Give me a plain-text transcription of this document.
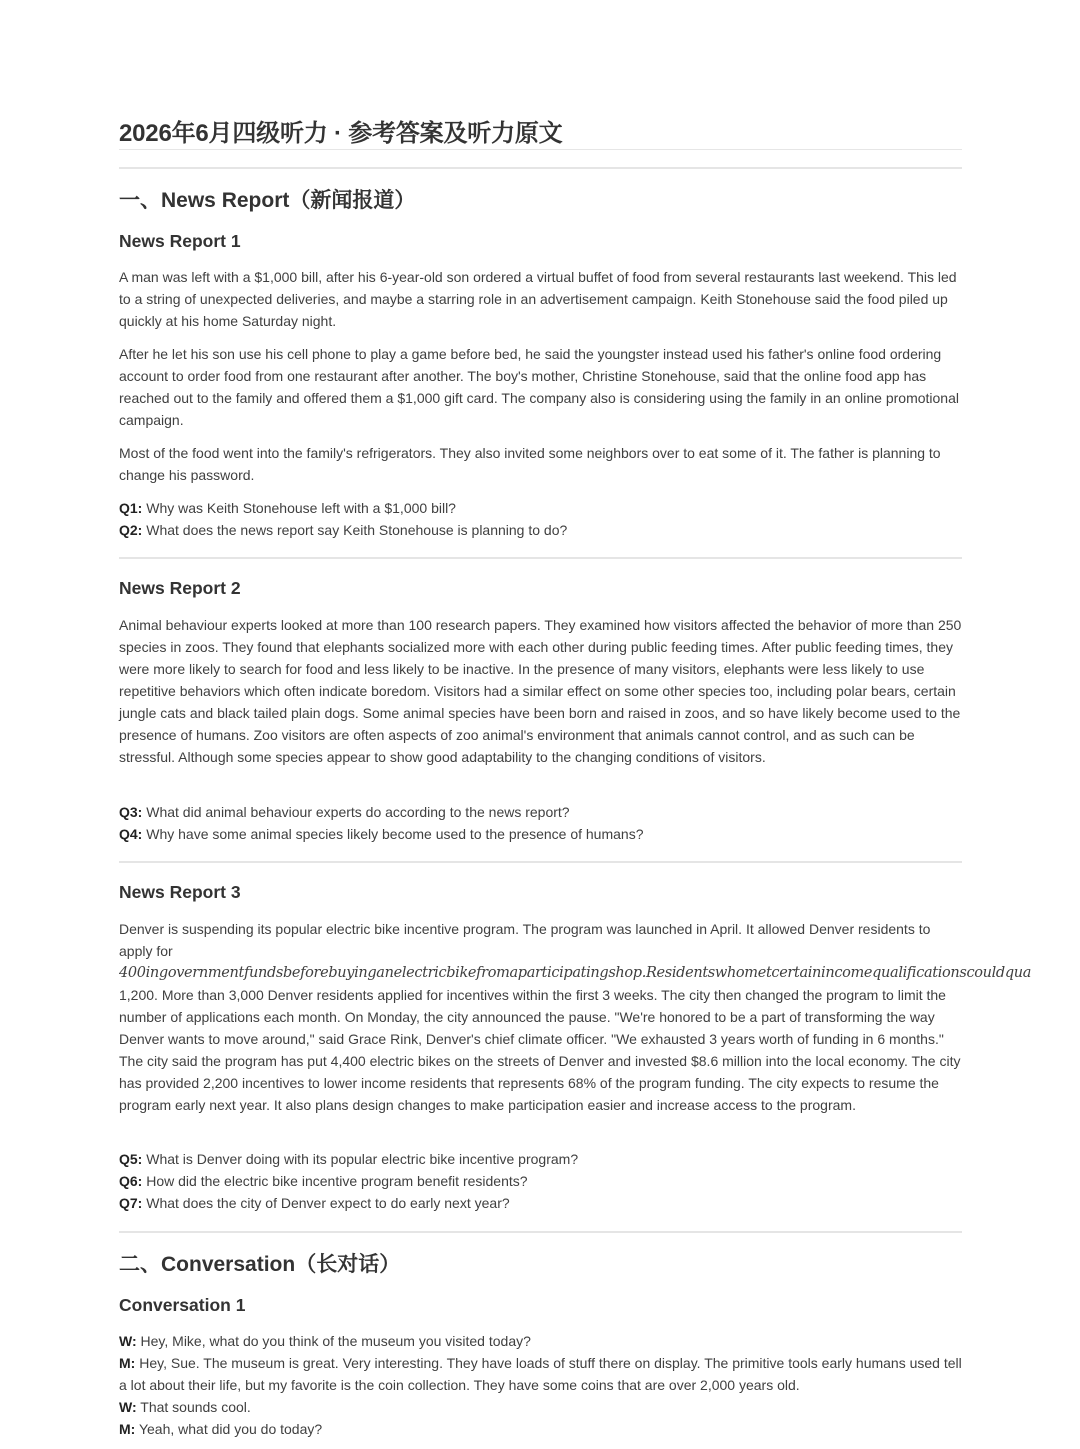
2026年6月四级听力 · 参考答案及听力原文
一、News Report（新闻报道）
News Report 1

A man was left with a $1,000 bill, after his 6-year-old son ordered a virtual buffet of food from several restaurants last weekend. This led to a string of unexpected deliveries, and maybe a starring role in an advertisement campaign. Keith Stonehouse said the food piled up quickly at his home Saturday night.

After he let his son use his cell phone to play a game before bed, he said the youngster instead used his father's online food ordering account to order food from one restaurant after another. The boy's mother, Christine Stonehouse, said that the online food app has reached out to the family and offered them a $1,000 gift card. The company also is considering using the family in an online promotional campaign.

Most of the food went into the family's refrigerators. They also invited some neighbors over to eat some of it. The father is planning to change his password.

Q1: Why was Keith Stonehouse left with a $1,000 bill?
Q2: What does the news report say Keith Stonehouse is planning to do?
News Report 2

Animal behaviour experts looked at more than 100 research papers. They examined how visitors affected the behavior of more than 250 species in zoos. They found that elephants socialized more with each other during public feeding times. After public feeding times, they were more likely to search for food and less likely to be inactive. In the presence of many visitors, elephants were less likely to use repetitive behaviors which often indicate boredom. Visitors had a similar effect on some other species too, including polar bears, certain jungle cats and black tailed plain dogs. Some animal species have been born and raised in zoos, and so have likely become used to the presence of humans. Zoo visitors are often aspects of zoo animal's environment that animals cannot control, and as such can be stressful. Although some species appear to show good adaptability to the changing conditions of visitors.

Q3: What did animal behaviour experts do according to the news report?
Q4: Why have some animal species likely become used to the presence of humans?
News Report 3
Denver is suspending its popular electric bike incentive program. The program was launched in April. It allowed Denver residents to apply for
400ingovernmentfundsbeforebuyinganelectricbikefromaparticipatingshop.Residentswhometcertainincomequalificationscouldqua
1,200. More than 3,000 Denver residents applied for incentives within the first 3 weeks. The city then changed the program to limit the number of applications each month. On Monday, the city announced the pause. "We're honored to be a part of transforming the way Denver wants to move around," said Grace Rink, Denver's chief climate officer. "We exhausted 3 years worth of funding in 6 months." The city said the program has put 4,400 electric bikes on the streets of Denver and invested $8.6 million into the local economy. The city has provided 2,200 incentives to lower income residents that represents 68% of the program funding. The city expects to resume the program early next year. It also plans design changes to make participation easier and increase access to the program.
Q5: What is Denver doing with its popular electric bike incentive program?
Q6: How did the electric bike incentive program benefit residents?
Q7: What does the city of Denver expect to do early next year?
二、Conversation（长对话）
Conversation 1
W: Hey, Mike, what do you think of the museum you visited today?
M: Hey, Sue. The museum is great. Very interesting. They have loads of stuff there on display. The primitive tools early humans used tell a lot about their life, but my favorite is the coin collection. They have some coins that are over 2,000 years old.
W: That sounds cool.
M: Yeah, what did you do today?
